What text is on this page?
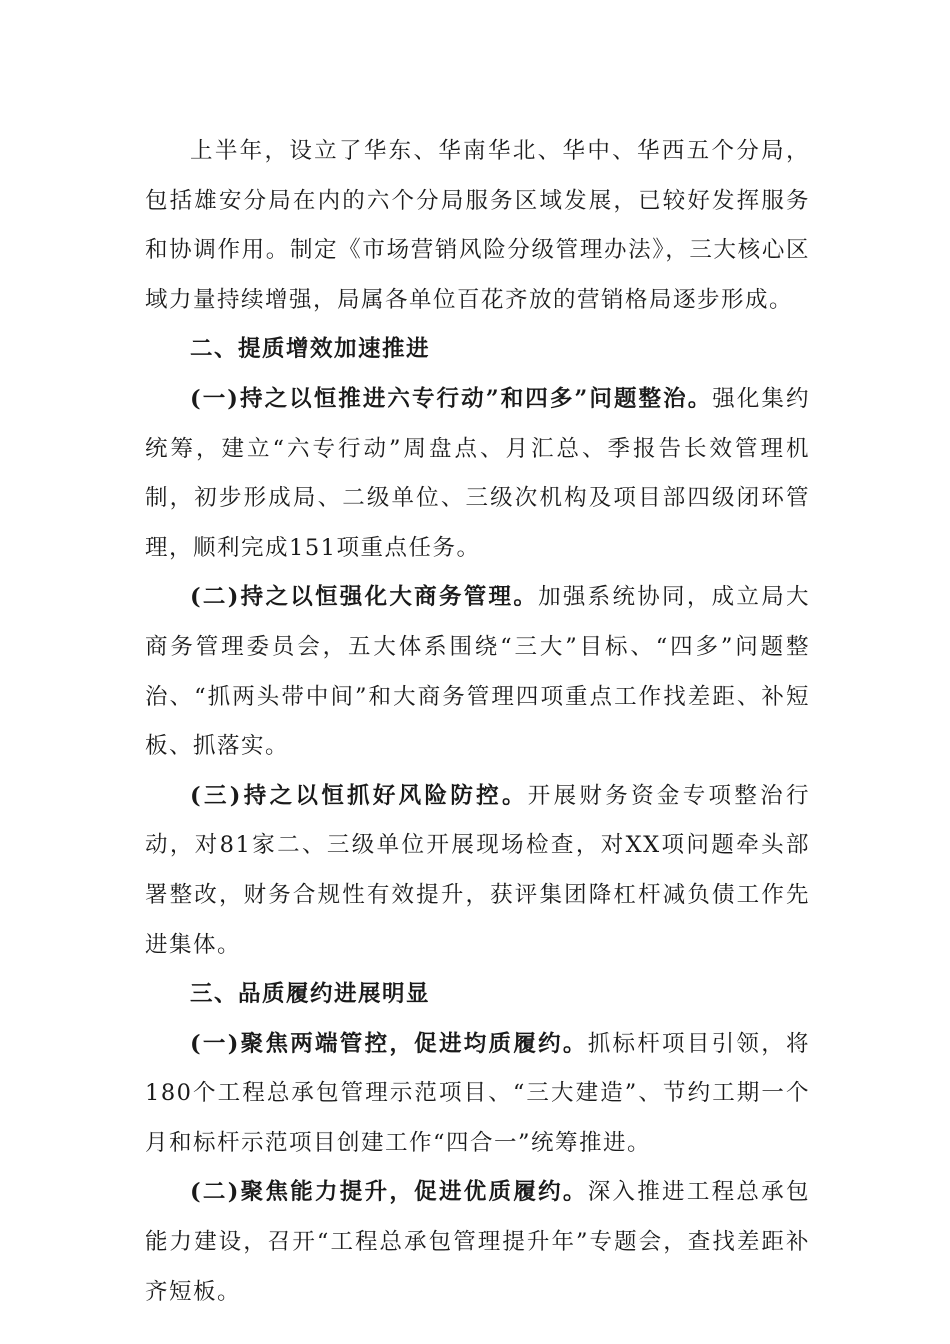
上半年，设立了华东、华南华北、华中、华西五个分局，包括雄安分局在内的六个分局服务区域发展，已较好发挥服务和协调作用。制定《市场营销风险分级管理办法》，三大核心区域力量持续增强，局属各单位百花齐放的营销格局逐步形成。

二、提质增效加速推进

(一)持之以恒推进六专行动”和四多”问题整治。强化集约统筹，建立“六专行动”周盘点、月汇总、季报告长效管理机制，初步形成局、二级单位、三级次机构及项目部四级闭环管理，顺利完成151项重点任务。

(二)持之以恒强化大商务管理。加强系统协同，成立局大商务管理委员会，五大体系围绕“三大”目标、“四多”问题整治、“抓两头带中间”和大商务管理四项重点工作找差距、补短板、抓落实。

(三)持之以恒抓好风险防控。开展财务资金专项整治行动，对81家二、三级单位开展现场检查，对XX项问题牵头部署整改，财务合规性有效提升，获评集团降杠杆减负债工作先进集体。

三、品质履约进展明显

(一)聚焦两端管控，促进均质履约。抓标杆项目引领，将180个工程总承包管理示范项目、“三大建造”、节约工期一个月和标杆示范项目创建工作“四合一”统筹推进。

(二)聚焦能力提升，促进优质履约。深入推进工程总承包能力建设，召开“工程总承包管理提升年”专题会，查找差距补齐短板。
